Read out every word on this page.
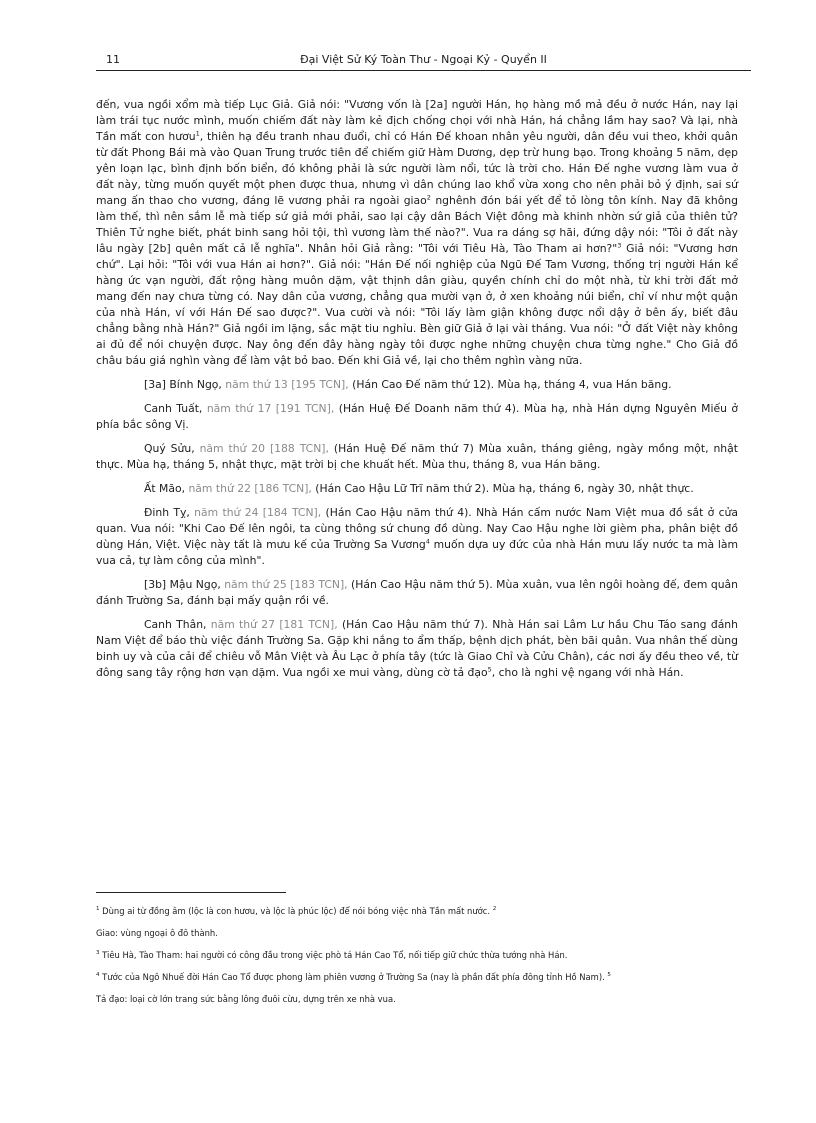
11	Đại Việt Sử Ký Toàn Thư - Ngoại Kỷ - Quyển II

đến, vua ngồi xổm mà tiếp Lục Giả. Giả nói: "Vương vốn là [2a] người Hán, họ hàng mồ mả đều ở nước Hán, nay lại làm trái tục nước mình, muốn chiếm đất này làm kẻ địch chống chọi với nhà Hán, há chẳng lầm hay sao? Và lại, nhà Tần mất con hươu$^1$, thiên hạ đều tranh nhau đuổi, chỉ có Hán Đế khoan nhân yêu người, dân đều vui theo, khởi quân từ đất Phong Bái mà vào Quan Trung trước tiên để chiếm giữ Hàm Dương, dẹp trừ hung bạo. Trong khoảng 5 năm, dẹp yên loạn lạc, bình định bốn biển, đó không phải là sức người làm nổi, tức là trời cho. Hán Đế nghe vương làm vua ở đất này, từng muốn quyết một phen được thua, nhưng vì dân chúng lao khổ vừa xong cho nên phải bỏ ý định, sai sứ mang ấn thao cho vương, đáng lẽ vương phải ra ngoài giao$^2$ nghênh đón bái yết để tỏ lòng tôn kính. Nay đã không làm thế, thì nên sắm lễ mà tiếp sứ giả mới phải, sao lại cậy dân Bách Việt đông mà khinh nhờn sứ giả của thiên tử? Thiên Tử nghe biết, phát binh sang hỏi tội, thì vương làm thế nào?". Vua ra dáng sợ hãi, đứng dậy nói: "Tôi ở đất này lâu ngày [2b] quên mất cả lễ nghĩa". Nhân hỏi Giả rằng: "Tôi với Tiêu Hà, Tào Tham ai hơn?"$^3$ Giả nói: "Vương hơn chứ". Lại hỏi: "Tôi với vua Hán ai hơn?". Giả nói: "Hán Đế nối nghiệp của Ngũ Đế Tam Vương, thống trị người Hán kể hàng ức vạn người, đất rộng hàng muôn dặm, vật thịnh dân giàu, quyền chính chỉ do một nhà, từ khi trời đất mở mang đến nay chưa từng có. Nay dân của vương, chẳng qua mười vạn ở, ở xen khoảng núi biển, chỉ ví như một quận của nhà Hán, ví với Hán Đế sao được?". Vua cười và nói: "Tôi lấy làm giận không được nổi dậy ở bên ấy, biết đâu chẳng bằng nhà Hán?" Giả ngồi im lặng, sắc mặt tiu nghỉu. Bèn giữ Giả ở lại vài tháng. Vua nói: "Ở đất Việt này không ai đủ để nói chuyện được. Nay ông đến đây hàng ngày tôi được nghe những chuyện chưa từng nghe." Cho Giả đồ châu báu giá nghìn vàng để làm vật bỏ bao. Đến khi Giả về, lại cho thêm nghìn vàng nữa.

[3a] Bính Ngọ, năm thứ 13 [195 TCN], (Hán Cao Đế năm thứ 12). Mùa hạ, tháng 4, vua Hán băng.

Canh Tuất, năm thứ 17 [191 TCN], (Hán Huệ Đế Doanh năm thứ 4). Mùa hạ, nhà Hán dựng Nguyên Miếu ở phía bắc sông Vị.

Quý Sửu, năm thứ 20 [188 TCN], (Hán Huệ Đế năm thứ 7) Mùa xuân, tháng giêng, ngày mồng một, nhật thực. Mùa hạ, tháng 5, nhật thực, mặt trời bị che khuất hết. Mùa thu, tháng 8, vua Hán băng.

Ất Mão, năm thứ 22 [186 TCN], (Hán Cao Hậu Lữ Trĩ năm thứ 2). Mùa hạ, tháng 6, ngày 30, nhật thực.

Đinh Tỵ, năm thứ 24 [184 TCN], (Hán Cao Hậu năm thứ 4). Nhà Hán cấm nước Nam Việt mua đồ sắt ở cửa quan. Vua nói: "Khi Cao Đế lên ngôi, ta cùng thông sứ chung đồ dùng. Nay Cao Hậu nghe lời gièm pha, phân biệt đồ dùng Hán, Việt. Việc này tất là mưu kế của Trường Sa Vương$^4$ muốn dựa uy đức của nhà Hán mưu lấy nước ta mà làm vua cả, tự làm công của mình".

[3b] Mậu Ngọ, năm thứ 25 [183 TCN], (Hán Cao Hậu năm thứ 5). Mùa xuân, vua lên ngôi hoàng đế, đem quân đánh Trường Sa, đánh bại mấy quận rồi về.

Canh Thân, năm thứ 27 [181 TCN], (Hán Cao Hậu năm thứ 7). Nhà Hán sai Lâm Lư hầu Chu Táo sang đánh Nam Việt để báo thù việc đánh Trường Sa. Gặp khi nắng to ẩm thấp, bệnh dịch phát, bèn bãi quân. Vua nhân thế dùng binh uy và của cải để chiêu vỗ Mân Việt và Âu Lạc ở phía tây (tức là Giao Chỉ và Cửu Chân), các nơi ấy đều theo về, từ đông sang tây rộng hơn vạn dặm. Vua ngồi xe mui vàng, dùng cờ tả đạo$^5$, cho là nghi vệ ngang với nhà Hán.

$^1$ Dùng ai từ đồng âm (lộc là con hươu, và lộc là phúc lộc) để nói bóng việc nhà Tần mất nước. $^2$
Giao: vùng ngoại ô đô thành.
$^3$ Tiêu Hà, Tào Tham: hai người có công đầu trong việc phò tá Hán Cao Tổ, nối tiếp giữ chức thừa tướng nhà Hán.
$^4$ Tước của Ngô Nhuế đời Hán Cao Tổ được phong làm phiên vương ở Trường Sa (nay là phần đất phía đông tỉnh Hồ Nam). $^5$
Tả đạo: loại cờ lớn trang sức bằng lông đuôi cừu, dựng trên xe nhà vua.
